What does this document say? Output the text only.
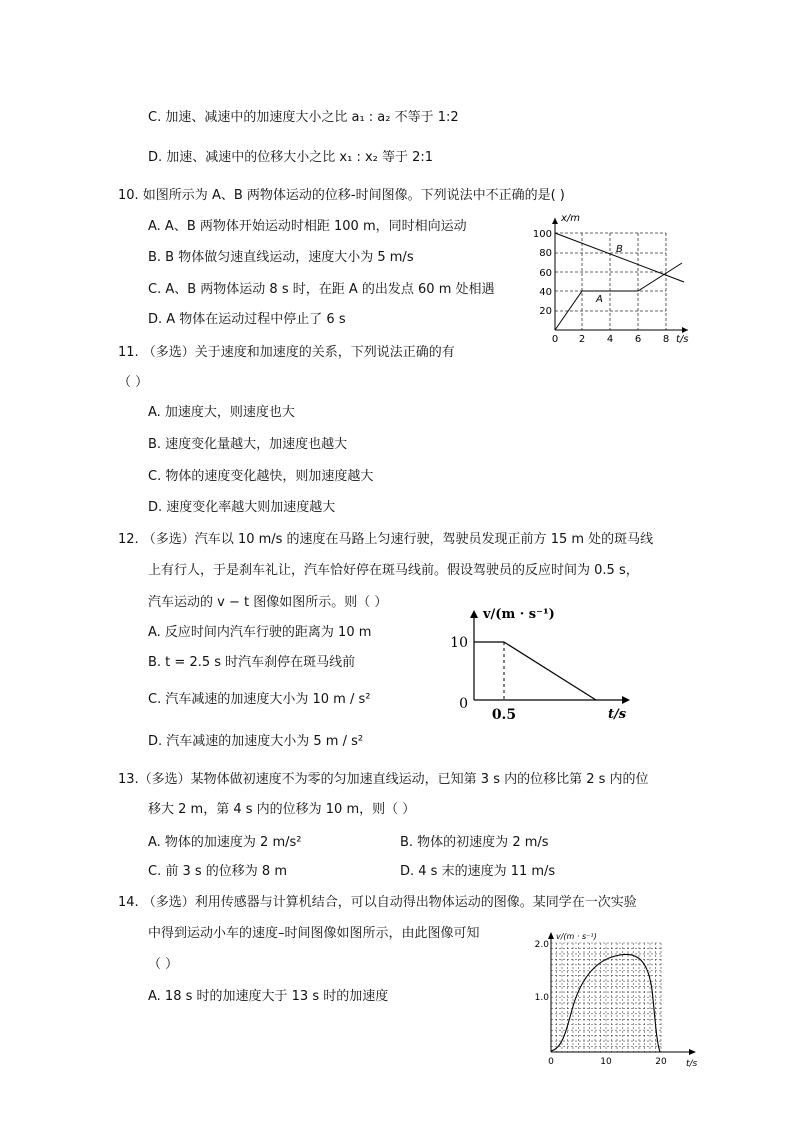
C. 加速、减速中的加速度大小之比 a₁ : a₂ 不等于 1:2
D. 加速、减速中的位移大小之比 x₁ : x₂ 等于 2:1
10. 如图所示为 A、B 两物体运动的位移-时间图像。下列说法中不正确的是( )
A. A、B 两物体开始运动时相距 100 m，同时相向运动
B. B 物体做匀速直线运动，速度大小为 5 m/s
C. A、B 两物体运动 8 s 时，在距 A 的出发点 60 m 处相遇
D. A 物体在运动过程中停止了 6 s
x/m
t/s
20
40
60
80
100
0 2 4 6 8
A
B
11. （多选）关于速度和加速度的关系，下列说法正确的有
（ ）
A. 加速度大，则速度也大
B. 速度变化量越大，加速度也越大
C. 物体的速度变化越快，则加速度越大
D. 速度变化率越大则加速度越大
12. （多选）汽车以 10 m/s 的速度在马路上匀速行驶，驾驶员发现正前方 15 m 处的斑马线
上有行人，于是刹车礼让，汽车恰好停在斑马线前。假设驾驶员的反应时间为 0.5 s，
汽车运动的 v − t 图像如图所示。则（ ）
A. 反应时间内汽车行驶的距离为 10 m
B. t = 2.5 s 时汽车刹停在斑马线前
C. 汽车减速的加速度大小为 10 m / s²
D. 汽车减速的加速度大小为 5 m / s²
v/(m · s⁻¹)
t/s
10
0
0.5
13.（多选）某物体做初速度不为零的匀加速直线运动，已知第 3 s 内的位移比第 2 s 内的位
移大 2 m，第 4 s 内的位移为 10 m，则（ ）
A. 物体的加速度为 2 m/s²	B. 物体的初速度为 2 m/s
C. 前 3 s 的位移为 8 m	D. 4 s 末的速度为 11 m/s
14. （多选）利用传感器与计算机结合，可以自动得出物体运动的图像。某同学在一次实验
中得到运动小车的速度–时间图像如图所示，由此图像可知
（ ）
A. 18 s 时的加速度大于 13 s 时的加速度
v/(m · s⁻¹)
t/s
2.0
1.0
0	10	20
